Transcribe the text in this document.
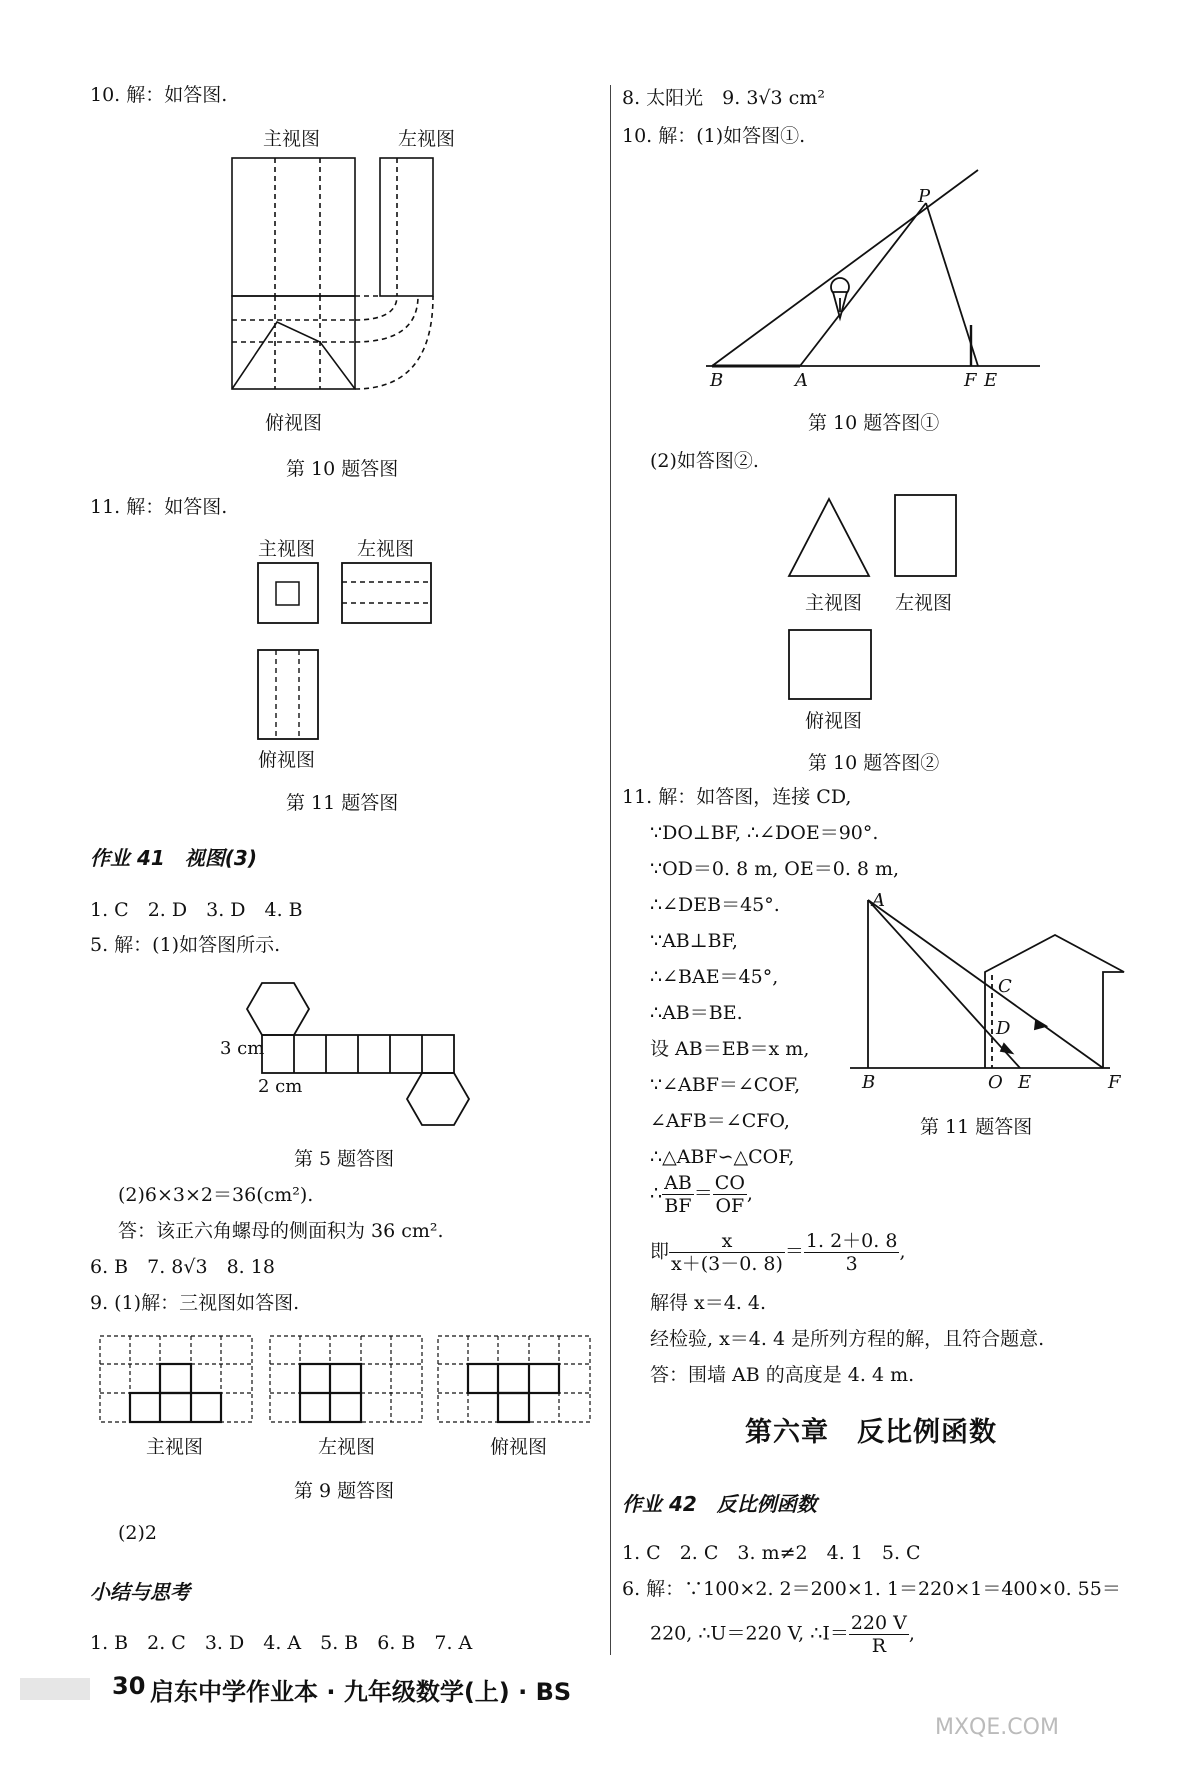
10. 解：如答图.
主视图	左视图
俯视图
第 10 题答图
11. 解：如答图.
主视图 左视图
俯视图
第 11 题答图
作业 41　视图(3)
1. C　2. D　3. D　4. B
5. 解：(1)如答图所示.
3 cm
2 cm
第 5 题答图
(2)6×3×2＝36(cm²).
答：该正六角螺母的侧面积为 36 cm².
6. B　7. 8√3　8. 18
9. (1)解：三视图如答图.
主视图	左视图	俯视图
第 9 题答图
(2)2
小结与思考
1. B　2. C　3. D　4. A　5. B　6. B　7. A
8. 太阳光　9. 3√3 cm²
10. 解：(1)如答图①.
P
B	A	F E
第 10 题答图①
(2)如答图②.
主视图 左视图
俯视图
第 10 题答图②
11. 解：如答图，连接 CD,
∵DO⊥BF, ∴∠DOE＝90°.
∵OD＝0. 8 m, OE＝0. 8 m,
∴∠DEB＝45°.
∵AB⊥BF,
∴∠BAE＝45°,
∴AB＝BE.
设 AB＝EB＝x m,
∵∠ABF＝∠COF,
∠AFB＝∠CFO,
∴△ABF∽△COF,
∴ $\frac{AB}{BF} = \frac{CO}{OF}$ ,
即 $\frac{x}{x+(3-0. 8)} = \frac{1. 2+0. 8}{3}$ ,
解得 x＝4. 4.
经检验, x＝4. 4 是所列方程的解，且符合题意.
答：围墙 AB 的高度是 4. 4 m.
A
B
C
D
O E	F
第 11 题答图
第六章　反比例函数
作业 42　反比例函数
1. C　2. C　3. m≠2　4. 1　5. C
6. 解：∵100×2. 2＝200×1. 1＝220×1＝400×0. 55＝
220, ∴U＝220 V, ∴I＝ $\frac{220 V}{R}$ ,
30 启东中学作业本 · 九年级数学(上) · BS
MXQE.COM
